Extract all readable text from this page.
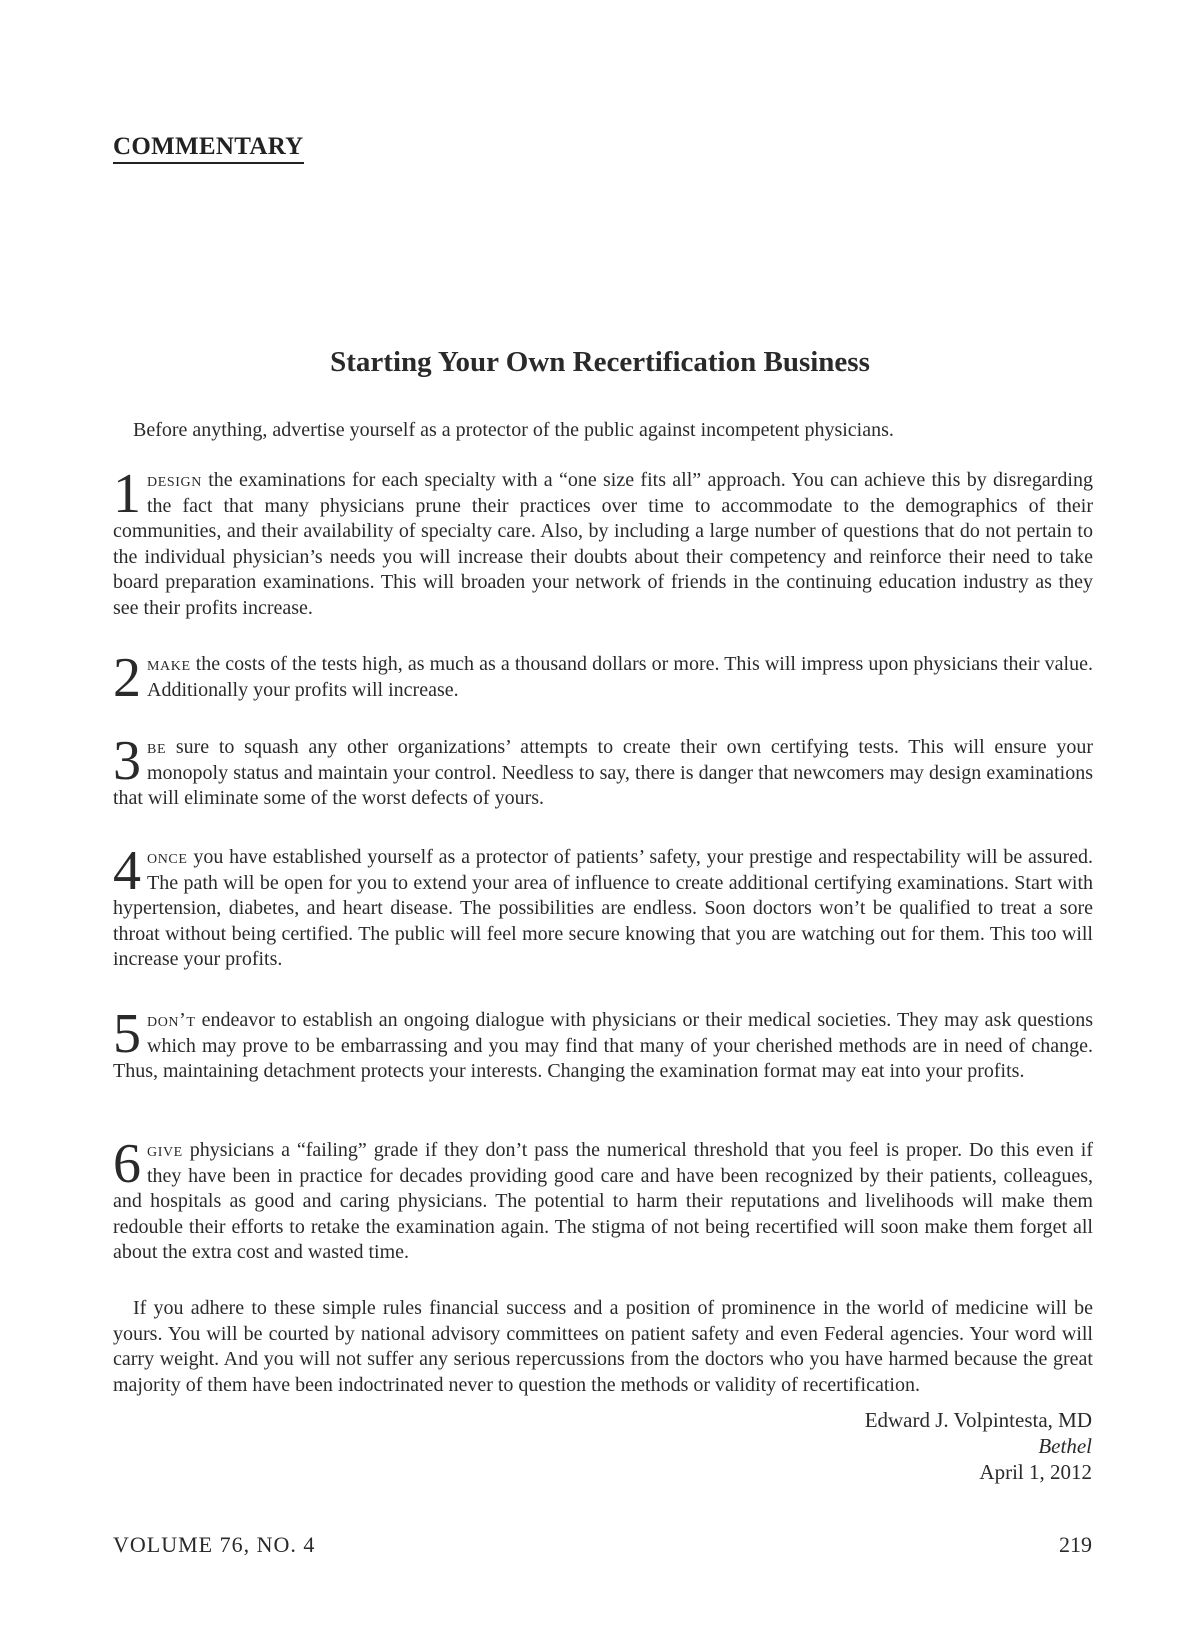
COMMENTARY
Starting Your Own Recertification Business

Before anything, advertise yourself as a protector of the public against incompetent physicians.

1 design the examinations for each specialty with a “one size fits all” approach. You can achieve this by disregarding the fact that many physicians prune their practices over time to accommodate to the demographics of their communities, and their availability of specialty care. Also, by including a large number of questions that do not pertain to the individual physician’s needs you will increase their doubts about their competency and reinforce their need to take board preparation examinations. This will broaden your network of friends in the continuing education industry as they see their profits increase.

2 make the costs of the tests high, as much as a thousand dollars or more. This will impress upon physicians their value. Additionally your profits will increase.

3 be sure to squash any other organizations’ attempts to create their own certifying tests. This will ensure your monopoly status and maintain your control. Needless to say, there is danger that newcomers may design examinations that will eliminate some of the worst defects of yours.

4 once you have established yourself as a protector of patients’ safety, your prestige and respectability will be assured. The path will be open for you to extend your area of influence to create additional certifying examinations. Start with hypertension, diabetes, and heart disease. The possibilities are endless. Soon doctors won’t be qualified to treat a sore throat without being certified. The public will feel more secure knowing that you are watching out for them. This too will increase your profits.

5 don’t endeavor to establish an ongoing dialogue with physicians or their medical societies. They may ask questions which may prove to be embarrassing and you may find that many of your cherished methods are in need of change. Thus, maintaining detachment protects your interests. Changing the examination format may eat into your profits.

6 give physicians a “failing” grade if they don’t pass the numerical threshold that you feel is proper. Do this even if they have been in practice for decades providing good care and have been recognized by their patients, colleagues, and hospitals as good and caring physicians. The potential to harm their reputations and livelihoods will make them redouble their efforts to retake the examination again. The stigma of not being recertified will soon make them forget all about the extra cost and wasted time.

If you adhere to these simple rules financial success and a position of prominence in the world of medicine will be yours. You will be courted by national advisory committees on patient safety and even Federal agencies. Your word will carry weight. And you will not suffer any serious repercussions from the doctors who you have harmed because the great majority of them have been indoctrinated never to question the methods or validity of recertification.

Edward J. Volpintesta, MD

Bethel

April 1, 2012

VOLUME 76, NO. 4	219
